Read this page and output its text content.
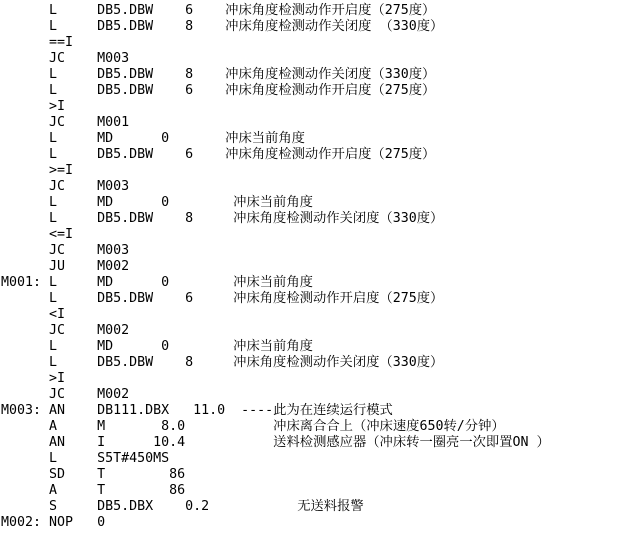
L     DB5.DBW    6    冲床角度检测动作开启度（275度）
L     DB5.DBW    8    冲床角度检测动作关闭度 （330度）
==I
JC    M003
L     DB5.DBW    8    冲床角度检测动作关闭度（330度）
L     DB5.DBW    6    冲床角度检测动作开启度（275度）
>I
JC    M001
L     MD      0       冲床当前角度
L     DB5.DBW    6    冲床角度检测动作开启度（275度）
>=I
JC    M003
L     MD      0        冲床当前角度
L     DB5.DBW    8     冲床角度检测动作关闭度（330度）
<=I
JC    M003
JU    M002
M001: L     MD      0        冲床当前角度
L     DB5.DBW    6     冲床角度检测动作开启度（275度）
<I
JC    M002
L     MD      0        冲床当前角度
L     DB5.DBW    8     冲床角度检测动作关闭度（330度）
>I
JC    M002
M003: AN    DB111.DBX   11.0  ----此为在连续运行模式
A     M       8.0           冲床离合合上（冲床速度650转/分钟）
AN    I      10.4           送料检测感应器（冲床转一圈亮一次即置ON ）
L     S5T#450MS
SD    T        86
A     T        86
S     DB5.DBX    0.2           无送料报警
M002: NOP   0
